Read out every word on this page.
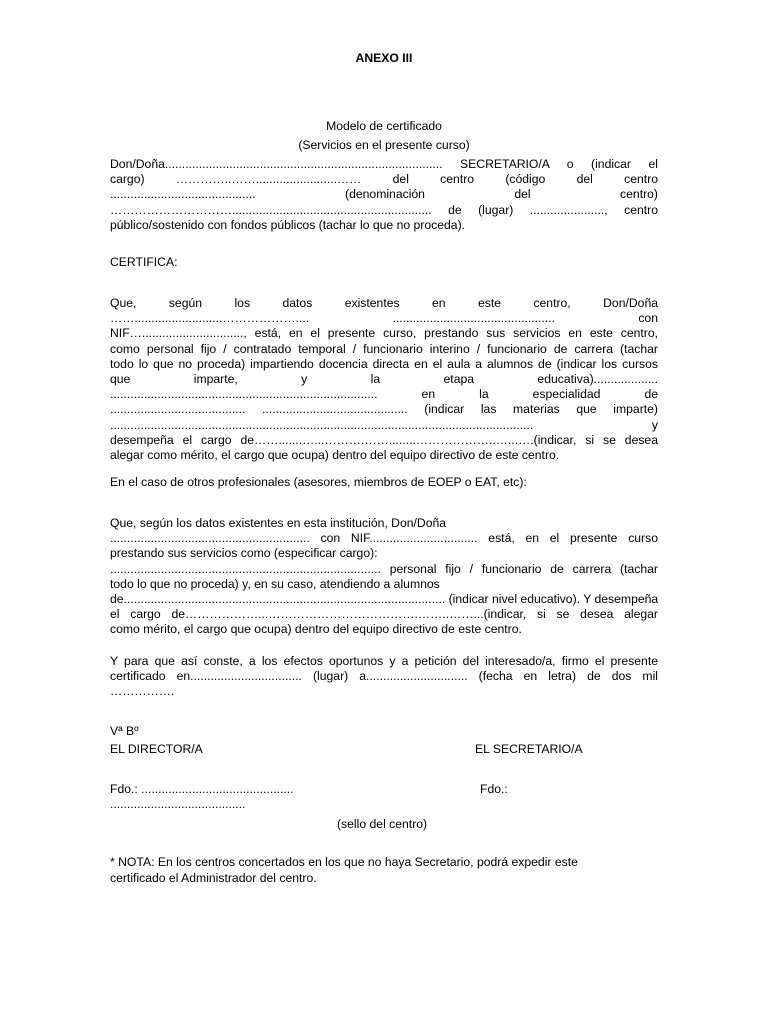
ANEXO III
Modelo de certificado
(Servicios en el presente curso)
Don/Doña.................................................................................. SECRETARIO/A o (indicar el
cargo) …………..……........................…… del centro (código del centro
........................................... (denominación del centro)
…………………………........................................................... de (lugar) ......................, centro
público/sostenido con fondos públicos (tachar lo que no proceda).
CERTIFICA:
Que, según los datos existentes en este centro, Don/Doña
……..........................……………….... ................................................ con
NIF….............................., está, en el presente curso, prestando sus servicios en este centro,
como personal fijo / contratado temporal / funcionario interino / funcionario de carrera (tachar
todo lo que no proceda) impartiendo docencia directa en el aula a alumnos de (indicar los cursos
que imparte, y la etapa educativa)...................
............................................................................... en la especialidad de
........................................ ........................................... (indicar las materias que imparte)
............................................................................................................................. y
desempeña el cargo de…….......…...……….……........………………..…...….(indicar, si se desea
alegar como mérito, el cargo que ocupa) dentro del equipo directivo de este centro.
En el caso de otros profesionales (asesores, miembros de EOEP o EAT, etc):
Que, según los datos existentes en esta institución, Don/Doña
........................................................... con NIF................................ está, en el presente curso
prestando sus servicios como (especificar cargo):
................................................................................ personal fijo / funcionario de carrera (tachar
todo lo que no proceda) y, en su caso, atendiendo a alumnos
de............................................................................................... (indicar nivel educativo). Y desempeña
el cargo de………………...……………………………….……..……...(indicar, si se desea alegar
como mérito, el cargo que ocupa) dentro del equipo directivo de este centro.
Y para que así conste, a los efectos oportunos y a petición del interesado/a, firmo el presente
certificado en................................. (lugar) a.............................. (fecha en letra) de dos mil
…………….
Vª Bº
EL DIRECTOR/A	EL SECRETARIO/A
Fdo.: .............................................	Fdo.:
........................................
(sello del centro)
* NOTA: En los centros concertados en los que no haya Secretario, podrá expedir este
certificado el Administrador del centro.
